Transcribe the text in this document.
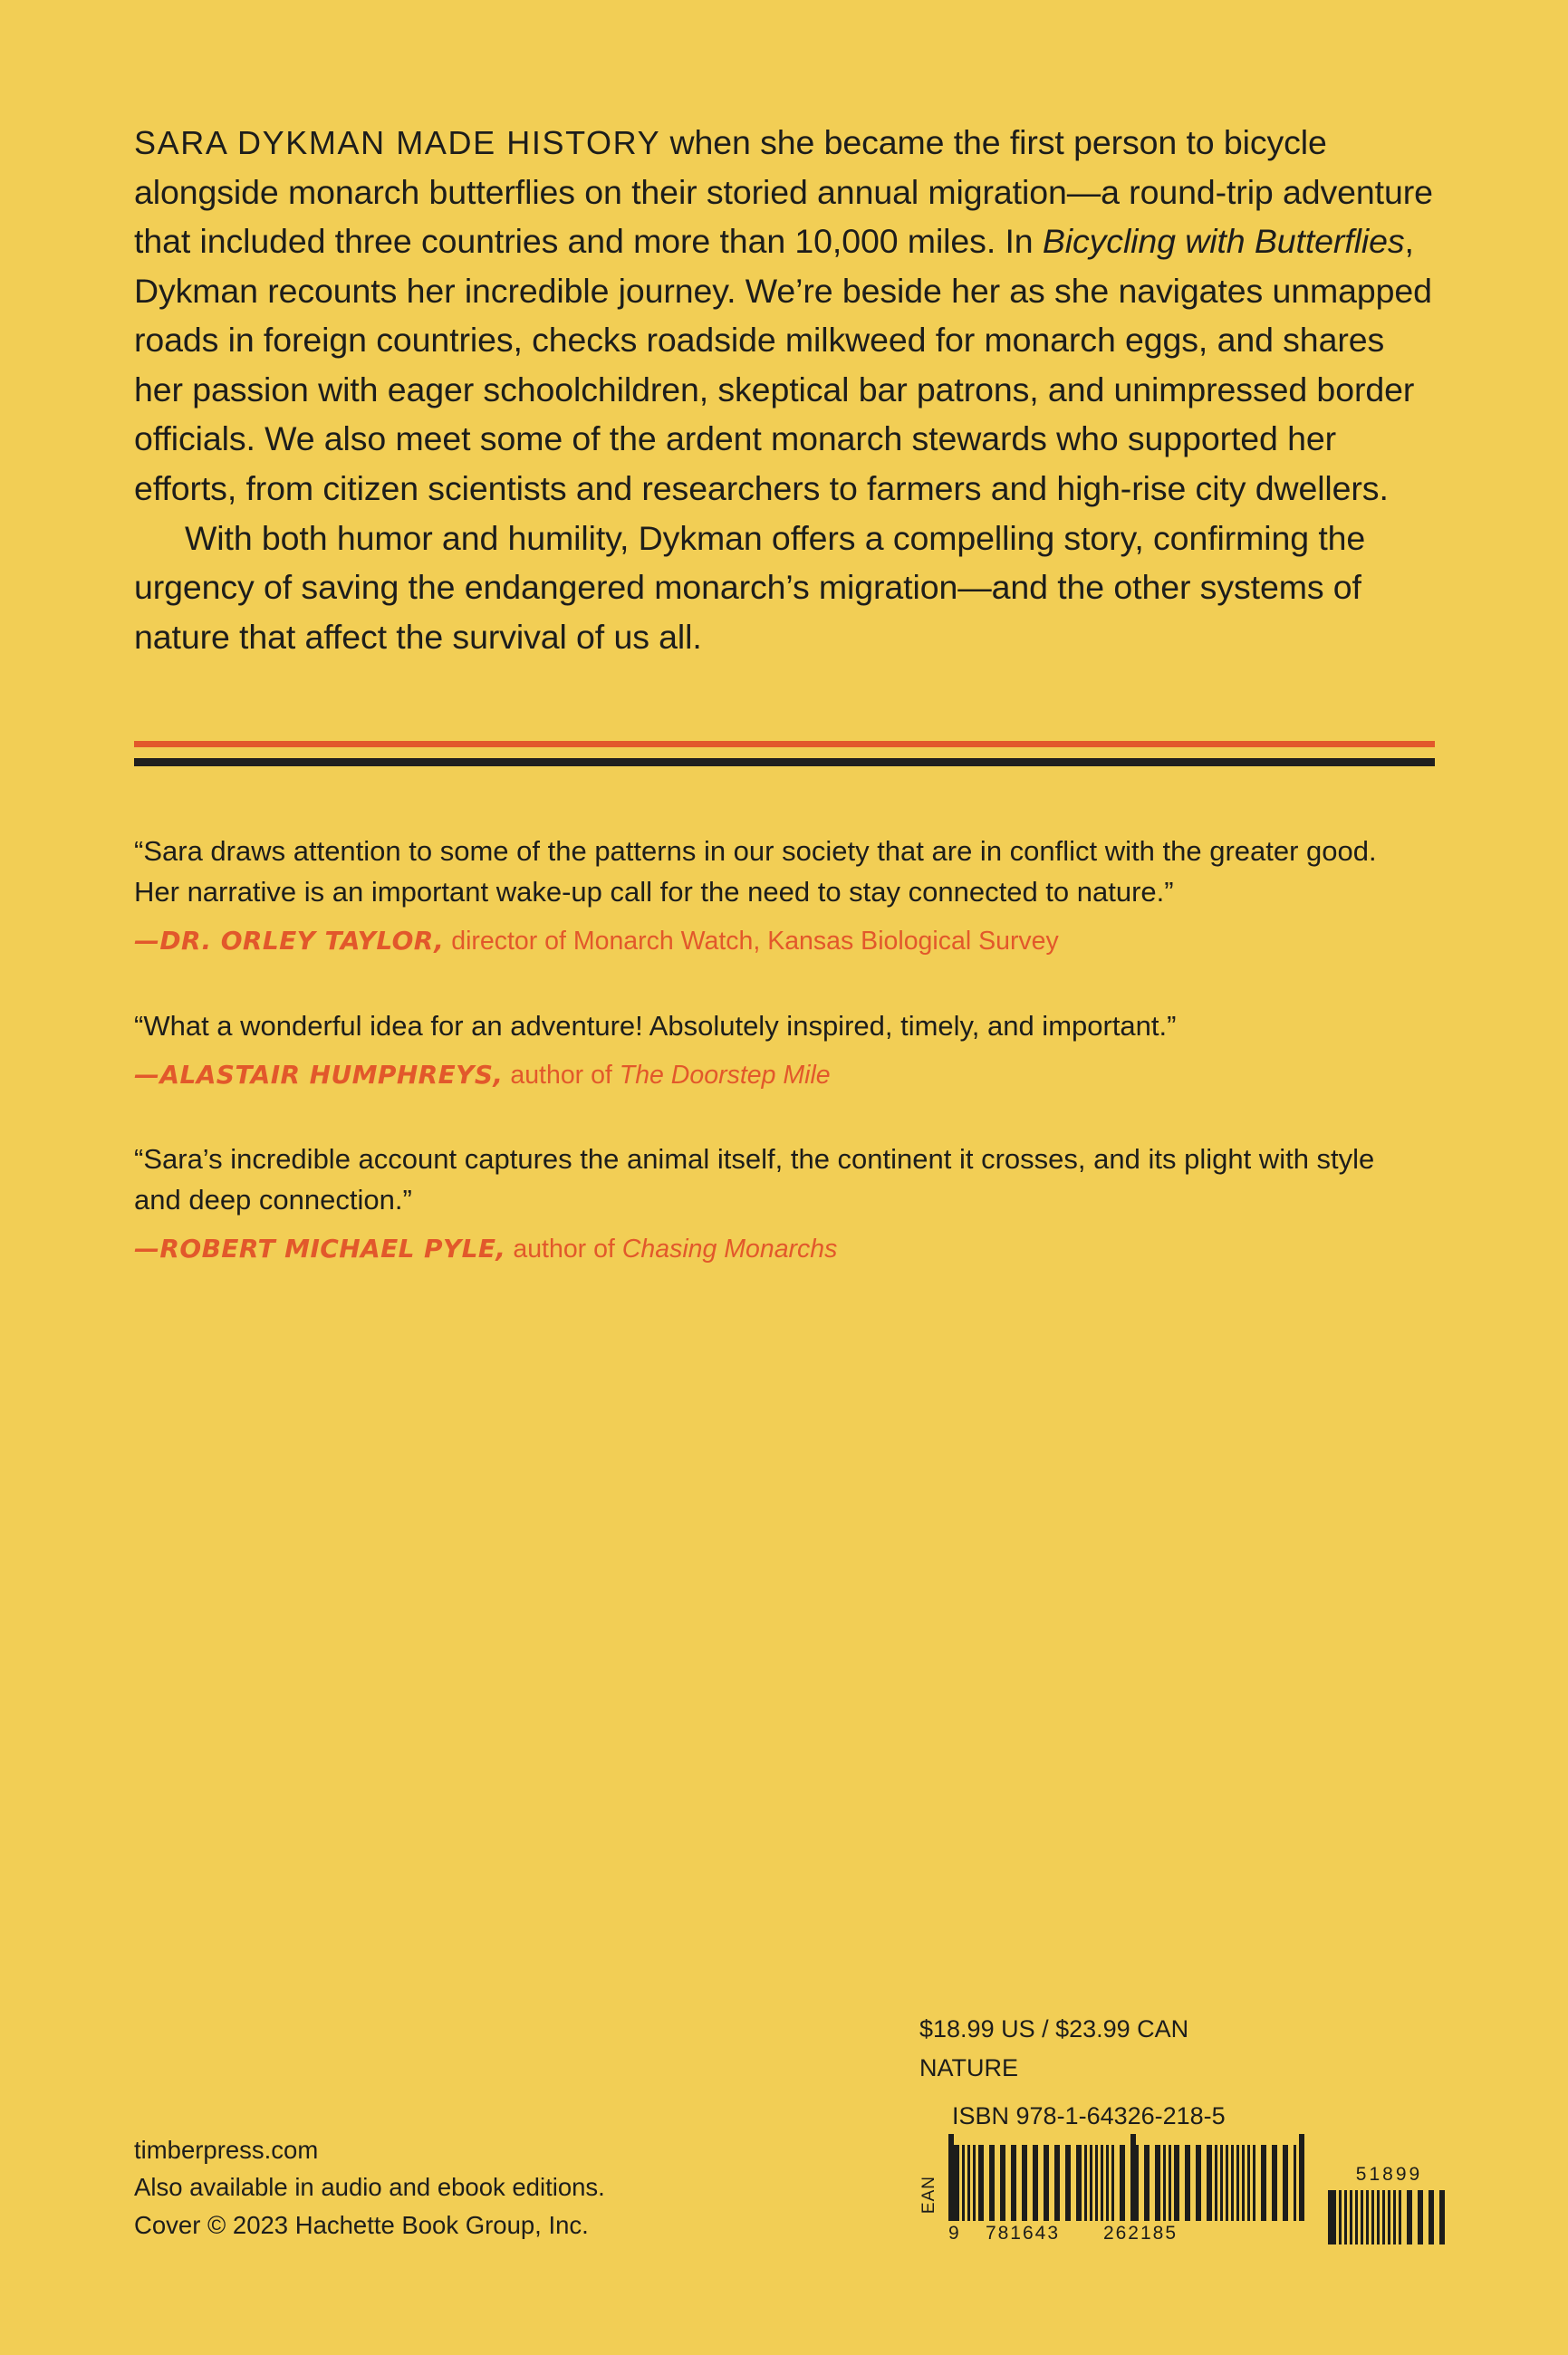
SARA DYKMAN MADE HISTORY when she became the first person to bicycle alongside monarch butterflies on their storied annual migration—a round-trip adventure that included three countries and more than 10,000 miles. In Bicycling with Butterflies, Dykman recounts her incredible journey. We’re beside her as she navigates unmapped roads in foreign countries, checks roadside milkweed for monarch eggs, and shares her passion with eager schoolchildren, skeptical bar patrons, and unimpressed border officials. We also meet some of the ardent monarch stewards who supported her efforts, from citizen scientists and researchers to farmers and high-rise city dwellers.

With both humor and humility, Dykman offers a compelling story, confirming the urgency of saving the endangered monarch’s migration—and the other systems of nature that affect the survival of us all.

“Sara draws attention to some of the patterns in our society that are in conflict with the greater good. Her narrative is an important wake-up call for the need to stay connected to nature.”

—DR. ORLEY TAYLOR, director of Monarch Watch, Kansas Biological Survey

“What a wonderful idea for an adventure! Absolutely inspired, timely, and important.”

—ALASTAIR HUMPHREYS, author of The Doorstep Mile

“Sara’s incredible account captures the animal itself, the continent it crosses, and its plight with style and deep connection.”

—ROBERT MICHAEL PYLE, author of Chasing Monarchs
timberpress.com
Also available in audio and ebook editions.
Cover © 2023 Hachette Book Group, Inc.
$18.99 US / $23.99 CAN
NATURE
ISBN 978-1-64326-218-5
EAN
9	781643	262185
51899
